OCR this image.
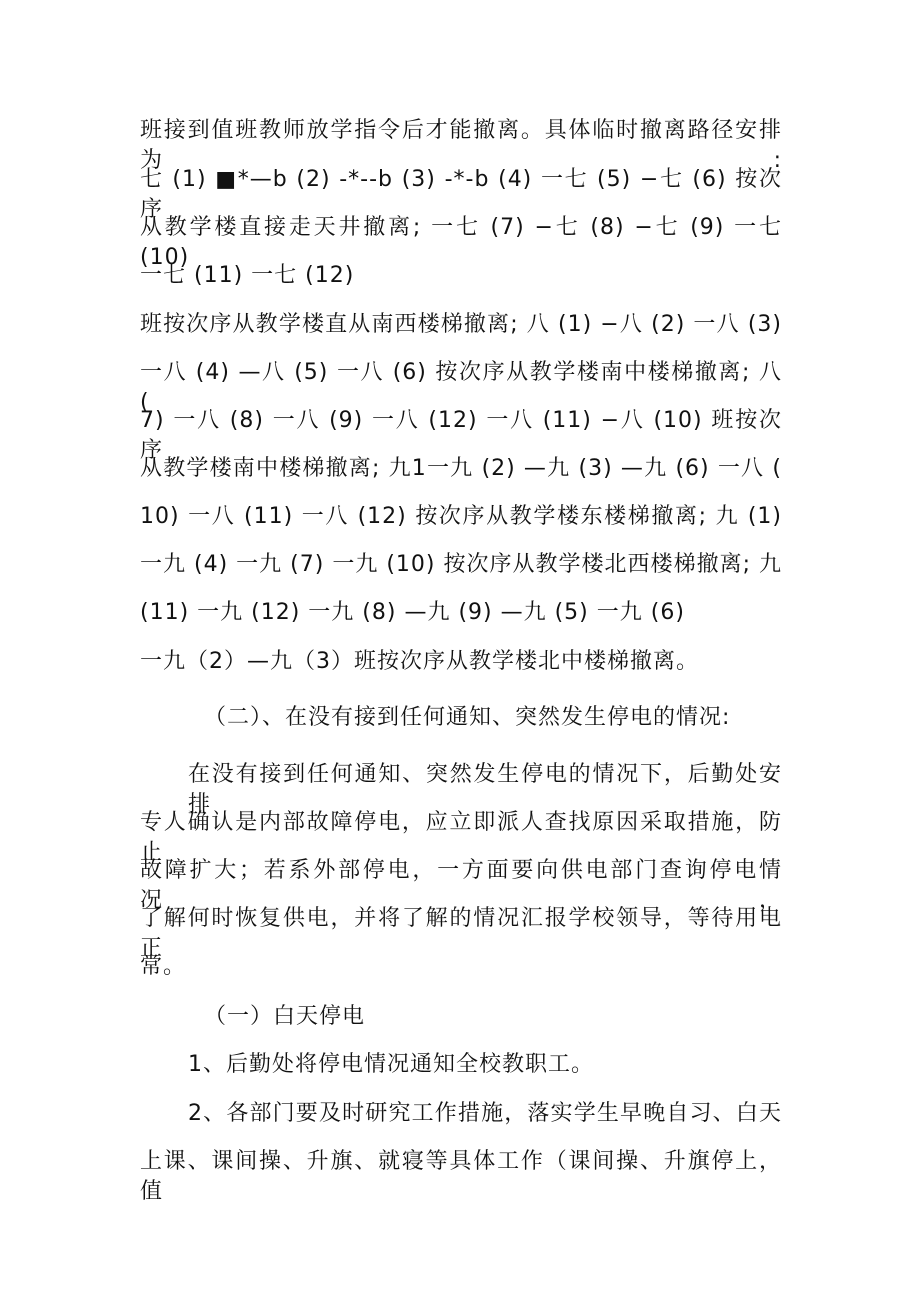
班接到值班教师放学指令后才能撤离。具体临时撤离路径安排为:
七 (1) ■*—b (2) -*--b (3) -*-b (4) 一七 (5) −七 (6) 按次序
从教学楼直接走天井撤离; 一七 (7) −七 (8) −七 (9) 一七 (10)
一七 (11) 一七 (12)
班按次序从教学楼直从南西楼梯撤离; 八 (1) −八 (2) 一八 (3)
一八 (4) —八 (5) 一八 (6) 按次序从教学楼南中楼梯撤离; 八 (
7) 一八 (8) 一八 (9) 一八 (12) 一八 (11) −八 (10) 班按次序
从教学楼南中楼梯撤离; 九1一九 (2) —九 (3) —九 (6) 一八 (
10) 一八 (11) 一八 (12) 按次序从教学楼东楼梯撤离; 九 (1)
一九 (4) 一九 (7) 一九 (10) 按次序从教学楼北西楼梯撤离; 九
(11) 一九 (12) 一九 (8) —九 (9) —九 (5) 一九 (6)
一九（2）—九（3）班按次序从教学楼北中楼梯撤离。
（二）、在没有接到任何通知、突然发生停电的情况:
在没有接到任何通知、突然发生停电的情况下，后勤处安排
专人确认是内部故障停电，应立即派人查找原因采取措施，防止
故障扩大；若系外部停电，一方面要向供电部门查询停电情况，
了解何时恢复供电，并将了解的情况汇报学校领导，等待用电正
常。
（一）白天停电
1、后勤处将停电情况通知全校教职工。
2、各部门要及时研究工作措施，落实学生早晚自习、白天
上课、课间操、升旗、就寝等具体工作（课间操、升旗停上，值
